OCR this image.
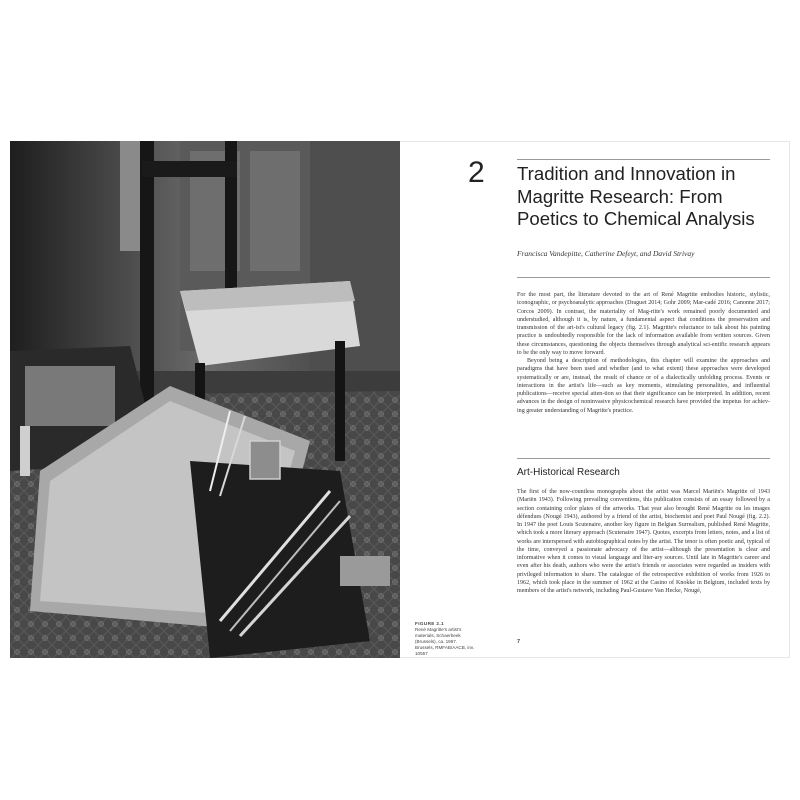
FIGURE 2.1
René Magritte's artist's materials, Schaerbeek (Brussels), ca. 1967. Brussels, RMFAB/AACB, inv. 10557
2 Tradition and Innovation in Magritte Research: From Poetics to Chemical Analysis
Francisca Vandepitte, Catherine Defeyt, and David Strivay

For the most part, the literature devoted to the art of René Magritte embodies historic, stylistic, iconographic, or psychoanalytic approaches (Draguet 2014; Gohr 2009; Mar-cadé 2016; Canonne 2017; Corcos 2009). In contrast, the materiality of Mag-ritte's work remained poorly documented and understudied, although it is, by nature, a fundamental aspect that conditions the preservation and transmission of the art-ist's cultural legacy (fig. 2.1). Magritte's reluctance to talk about his painting practice is undoubtedly responsible for the lack of information available from written sources. Given these circumstances, questioning the objects themselves through analytical sci-entific research appears to be the only way to move forward.

Beyond being a description of methodologies, this chapter will examine the approaches and paradigms that have been used and whether (and to what extent) these approaches were developed systematically or are, instead, the result of chance or of a dialectically unfolding process. Events or interactions in the artist's life—such as key moments, stimulating personalities, and influential publications—receive special atten-tion so that their significance can be interpreted. In addition, recent advances in the design of noninvasive physicochemical research have provided the impetus for achiev-ing greater understanding of Magritte's practice.

Art-Historical Research

The first of the now-countless monographs about the artist was Marcel Mariën's Magritte of 1943 (Mariën 1943). Following prevailing conventions, this publication consists of an essay followed by a section containing color plates of the artworks. That year also brought René Magritte ou les images défendues (Nougé 1943), authored by a friend of the artist, biochemist and poet Paul Nougé (fig. 2.2). In 1947 the poet Louis Scutenaire, another key figure in Belgian Surrealism, published René Magritte, which took a more literary approach (Scutenaire 1947). Quotes, excerpts from letters, notes, and a list of works are interspersed with autobiographical notes by the artist. The tenor is often poetic and, typical of the time, conveyed a passionate advocacy of the artist—although the presentation is clear and informative when it comes to visual language and liter-ary sources. Until late in Magritte's career and even after his death, authors who were the artist's friends or associates were regarded as insiders with privileged information to share. The catalogue of the retrospective exhibition of works from 1926 to 1962, which took place in the summer of 1962 at the Casino of Knokke in Belgium, included texts by members of the artist's network, including Paul-Gustave Van Hecke, Nougé,

7
